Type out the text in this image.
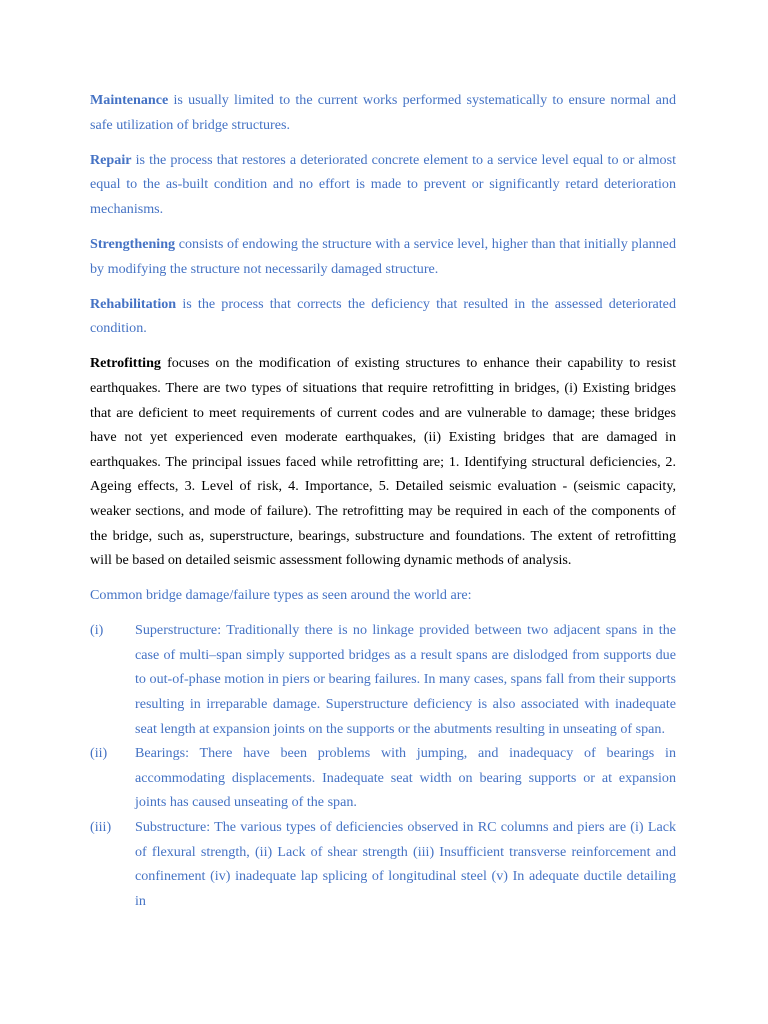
Maintenance is usually limited to the current works performed systematically to ensure normal and safe utilization of bridge structures.

Repair is the process that restores a deteriorated concrete element to a service level equal to or almost equal to the as-built condition and no effort is made to prevent or significantly retard deterioration mechanisms.

Strengthening consists of endowing the structure with a service level, higher than that initially planned by modifying the structure not necessarily damaged structure.

Rehabilitation is the process that corrects the deficiency that resulted in the assessed deteriorated condition.

Retrofitting focuses on the modification of existing structures to enhance their capability to resist earthquakes. There are two types of situations that require retrofitting in bridges, (i) Existing bridges that are deficient to meet requirements of current codes and are vulnerable to damage; these bridges have not yet experienced even moderate earthquakes, (ii) Existing bridges that are damaged in earthquakes. The principal issues faced while retrofitting are; 1. Identifying structural deficiencies, 2. Ageing effects, 3. Level of risk, 4. Importance, 5. Detailed seismic evaluation - (seismic capacity, weaker sections, and mode of failure). The retrofitting may be required in each of the components of the bridge, such as, superstructure, bearings, substructure and foundations. The extent of retrofitting will be based on detailed seismic assessment following dynamic methods of analysis.

Common bridge damage/failure types as seen around the world are:

(i)	Superstructure: Traditionally there is no linkage provided between two adjacent spans in the case of multi–span simply supported bridges as a result spans are dislodged from supports due to out-of-phase motion in piers or bearing failures. In many cases, spans fall from their supports resulting in irreparable damage. Superstructure deficiency is also associated with inadequate seat length at expansion joints on the supports or the abutments resulting in unseating of span.
(ii)	Bearings: There have been problems with jumping, and inadequacy of bearings in accommodating displacements. Inadequate seat width on bearing supports or at expansion joints has caused unseating of the span.
(iii)	Substructure: The various types of deficiencies observed in RC columns and piers are (i) Lack of flexural strength, (ii) Lack of shear strength (iii) Insufficient transverse reinforcement and confinement (iv) inadequate lap splicing of longitudinal steel (v) In adequate ductile detailing in
